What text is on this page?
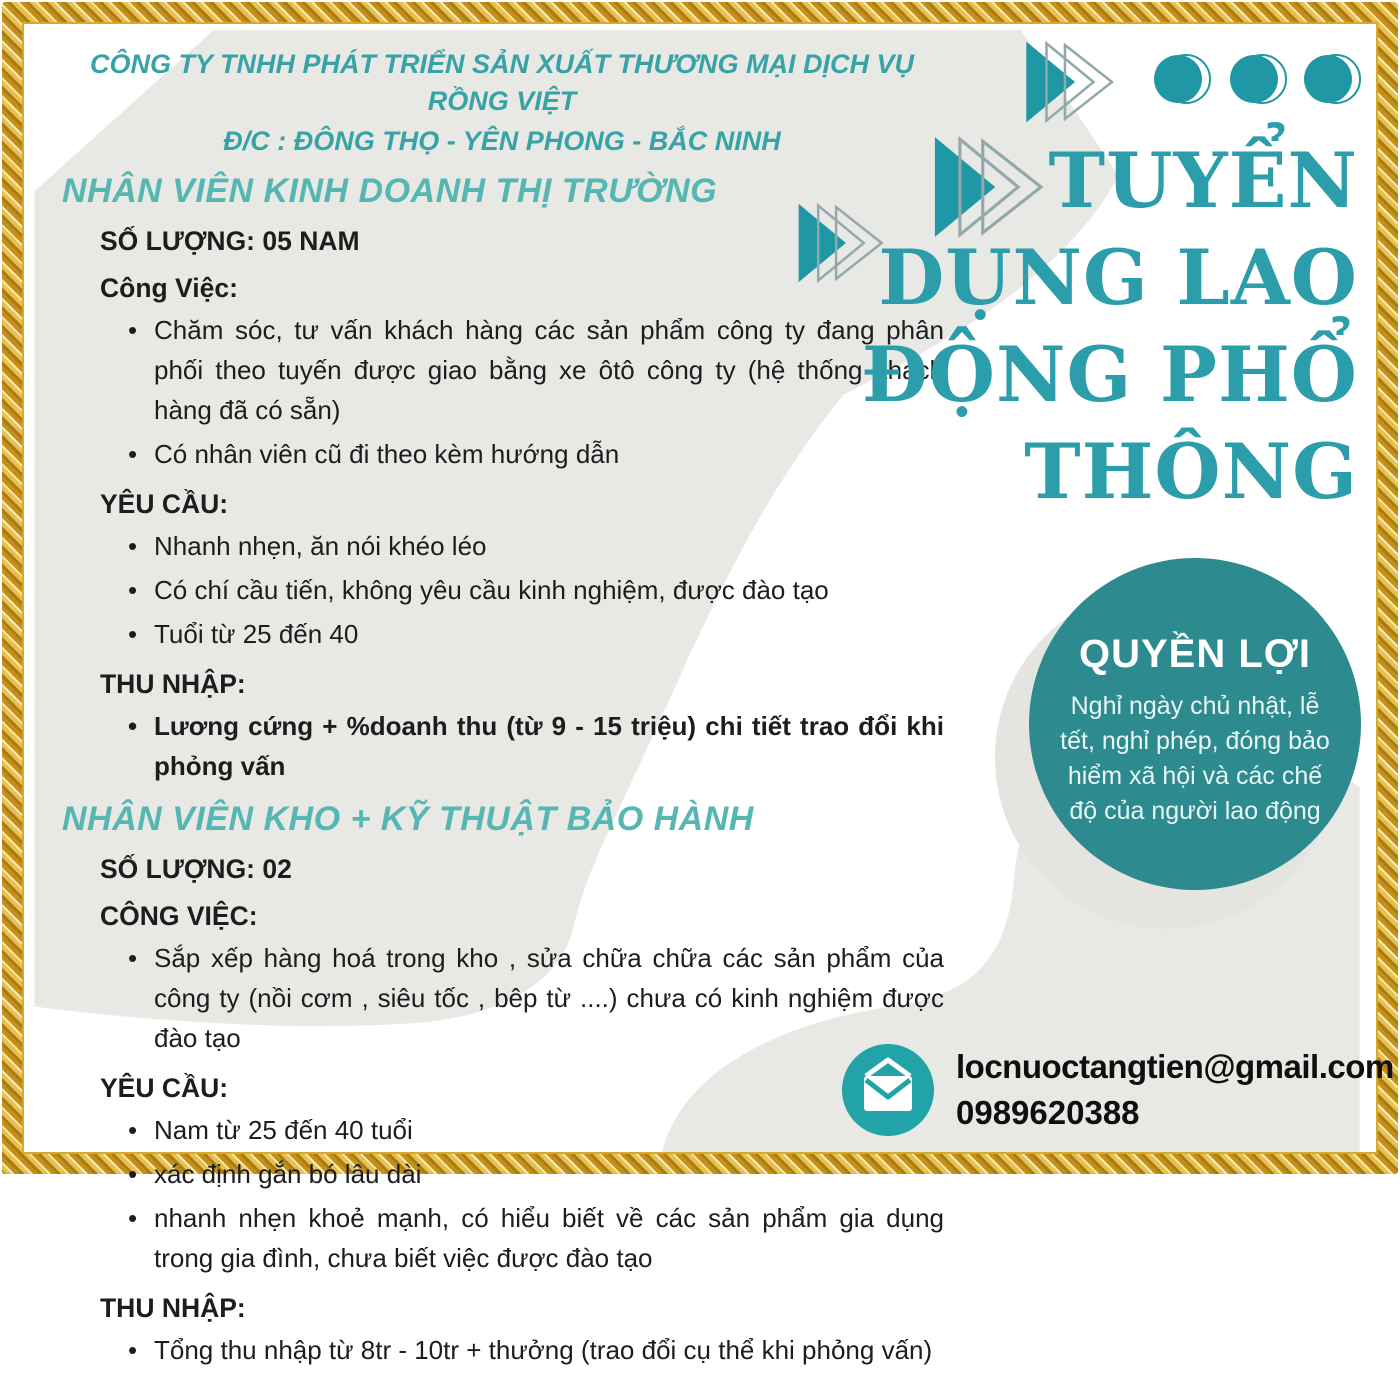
CÔNG TY TNHH PHÁT TRIỂN SẢN XUẤT THƯƠNG MẠI DỊCH VỤ RỒNG VIỆT
Đ/C : ĐÔNG THỌ - YÊN PHONG - BẮC NINH
NHÂN VIÊN KINH DOANH THỊ TRƯỜNG
SỐ LƯỢNG: 05 NAM
Công Việc:
• Chăm sóc, tư vấn khách hàng các sản phẩm công ty đang phân phối theo tuyến được giao bằng xe ôtô công ty (hệ thống khách hàng đã có sẵn)
• Có nhân viên cũ đi theo kèm hướng dẫn
YÊU CẦU:
• Nhanh nhẹn, ăn nói khéo léo
• Có chí cầu tiến, không yêu cầu kinh nghiệm, được đào tạo
• Tuổi từ 25 đến 40
THU NHẬP:
• Lương cứng + %doanh thu (từ 9 - 15 triệu) chi tiết trao đổi khi phỏng vấn
NHÂN VIÊN KHO + KỸ THUẬT BẢO HÀNH
SỐ LƯỢNG: 02
CÔNG VIỆC:
• Sắp xếp hàng hoá trong kho , sửa chữa chữa các sản phẩm của công ty (nồi cơm , siêu tốc , bêp từ ....) chưa có kinh nghiệm được đào tạo
YÊU CẦU:
• Nam từ 25 đến 40 tuổi
• xác định gắn bó lâu dài
• nhanh nhẹn khoẻ mạnh, có hiểu biết về các sản phẩm gia dụng trong gia đình, chưa biết việc được đào tạo
THU NHẬP:
• Tổng thu nhập từ 8tr - 10tr + thưởng (trao đổi cụ thể khi phỏng vấn)
TUYỂN
DỤNG LAO
ĐỘNG PHỔ
THÔNG
QUYỀN LỢI
Nghỉ ngày chủ nhật, lễ tết, nghỉ phép, đóng bảo hiểm xã hội và các chế độ của người lao động
locnuoctangtien@gmail.com
0989620388
